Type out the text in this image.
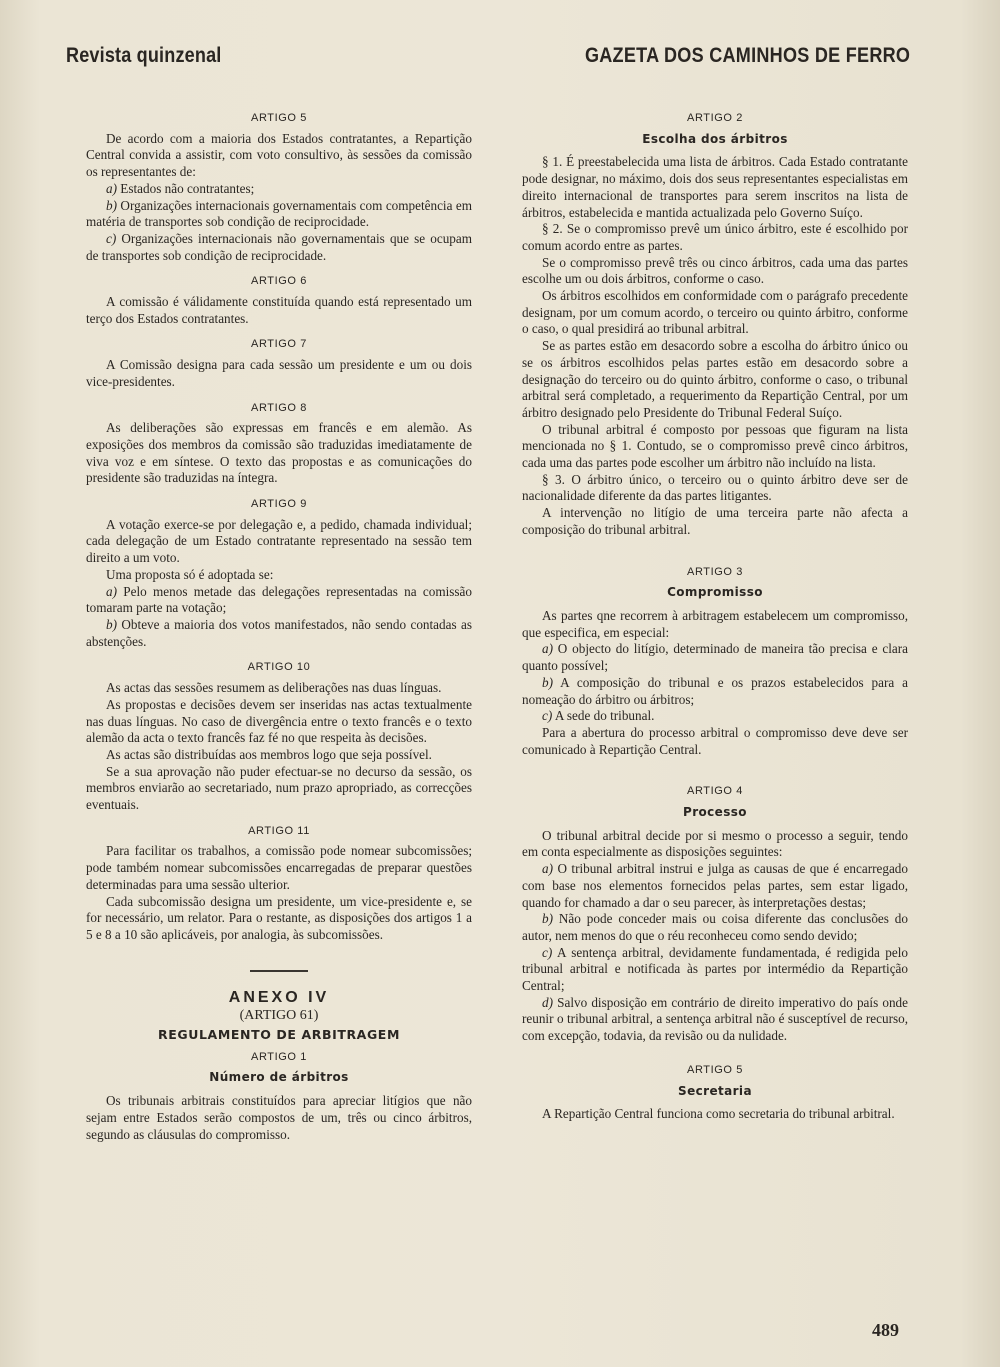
Revista quinzenal	GAZETA DOS CAMINHOS DE FERRO
ARTIGO 5

De acordo com a maioria dos Estados contratantes, a Repartição Central convida a assistir, com voto consultivo, às sessões da comissão os representantes de:

a) Estados não contratantes;

b) Organizações internacionais governamentais com competência em matéria de transportes sob condição de reciprocidade.

c) Organizações internacionais não governamentais que se ocupam de transportes sob condição de reciprocidade.

ARTIGO 6

A comissão é válidamente constituída quando está representado um terço dos Estados contratantes.

ARTIGO 7

A Comissão designa para cada sessão um presidente e um ou dois vice-presidentes.

ARTIGO 8

As deliberações são expressas em francês e em alemão. As exposições dos membros da comissão são traduzidas imediatamente de viva voz e em síntese. O texto das propostas e as comunicações do presidente são traduzidas na íntegra.

ARTIGO 9

A votação exerce-se por delegação e, a pedido, chamada individual; cada delegação de um Estado contratante representado na sessão tem direito a um voto.

Uma proposta só é adoptada se:

a) Pelo menos metade das delegações representadas na comissão tomaram parte na votação;

b) Obteve a maioria dos votos manifestados, não sendo contadas as abstenções.

ARTIGO 10

As actas das sessões resumem as deliberações nas duas línguas.

As propostas e decisões devem ser inseridas nas actas textualmente nas duas línguas. No caso de divergência entre o texto francês e o texto alemão da acta o texto francês faz fé no que respeita às decisões.

As actas são distribuídas aos membros logo que seja possível.

Se a sua aprovação não puder efectuar-se no decurso da sessão, os membros enviarão ao secretariado, num prazo apropriado, as correcções eventuais.

ARTIGO 11

Para facilitar os trabalhos, a comissão pode nomear subcomissões; pode também nomear subcomissões encarregadas de preparar questões determinadas para uma sessão ulterior.

Cada subcomissão designa um presidente, um vice-presidente e, se for necessário, um relator. Para o restante, as disposições dos artigos 1 a 5 e 8 a 10 são aplicáveis, por analogia, às subcomissões.

ANEXO IV
(ARTIGO 61)
REGULAMENTO DE ARBITRAGEM
ARTIGO 1
Número de árbitros

Os tribunais arbitrais constituídos para apreciar litígios que não sejam entre Estados serão compostos de um, três ou cinco árbitros, segundo as cláusulas do compromisso.

ARTIGO 2
Escolha dos árbitros

§ 1. É preestabelecida uma lista de árbitros. Cada Estado contratante pode designar, no máximo, dois dos seus representantes especialistas em direito internacional de transportes para serem inscritos na lista de árbitros, estabelecida e mantida actualizada pelo Governo Suíço.

§ 2. Se o compromisso prevê um único árbitro, este é escolhido por comum acordo entre as partes.

Se o compromisso prevê três ou cinco árbitros, cada uma das partes escolhe um ou dois árbitros, conforme o caso.

Os árbitros escolhidos em conformidade com o parágrafo precedente designam, por um comum acordo, o terceiro ou quinto árbitro, conforme o caso, o qual presidirá ao tribunal arbitral.

Se as partes estão em desacordo sobre a escolha do árbitro único ou se os árbitros escolhidos pelas partes estão em desacordo sobre a designação do terceiro ou do quinto árbitro, conforme o caso, o tribunal arbitral será completado, a requerimento da Repartição Central, por um árbitro designado pelo Presidente do Tribunal Federal Suíço.

O tribunal arbitral é composto por pessoas que figuram na lista mencionada no § 1. Contudo, se o compromisso prevê cinco árbitros, cada uma das partes pode escolher um árbitro não incluído na lista.

§ 3. O árbitro único, o terceiro ou o quinto árbitro deve ser de nacionalidade diferente da das partes litigantes.

A intervenção no litígio de uma terceira parte não afecta a composição do tribunal arbitral.

ARTIGO 3
Compromisso

As partes qne recorrem à arbitragem estabelecem um compromisso, que especifica, em especial:

a) O objecto do litígio, determinado de maneira tão precisa e clara quanto possível;

b) A composição do tribunal e os prazos estabelecidos para a nomeação do árbitro ou árbitros;

c) A sede do tribunal.

Para a abertura do processo arbitral o compromisso deve deve ser comunicado à Repartição Central.

ARTIGO 4
Processo

O tribunal arbitral decide por si mesmo o processo a seguir, tendo em conta especialmente as disposições seguintes:

a) O tribunal arbitral instrui e julga as causas de que é encarregado com base nos elementos fornecidos pelas partes, sem estar ligado, quando for chamado a dar o seu parecer, às interpretações destas;

b) Não pode conceder mais ou coisa diferente das conclusões do autor, nem menos do que o réu reconheceu como sendo devido;

c) A sentença arbitral, devidamente fundamentada, é redigida pelo tribunal arbitral e notificada às partes por intermédio da Repartição Central;

d) Salvo disposição em contrário de direito imperativo do país onde reunir o tribunal arbitral, a sentença arbitral não é susceptível de recurso, com excepção, todavia, da revisão ou da nulidade.

ARTIGO 5
Secretaria

A Repartição Central funciona como secretaria do tribunal arbitral.

489
